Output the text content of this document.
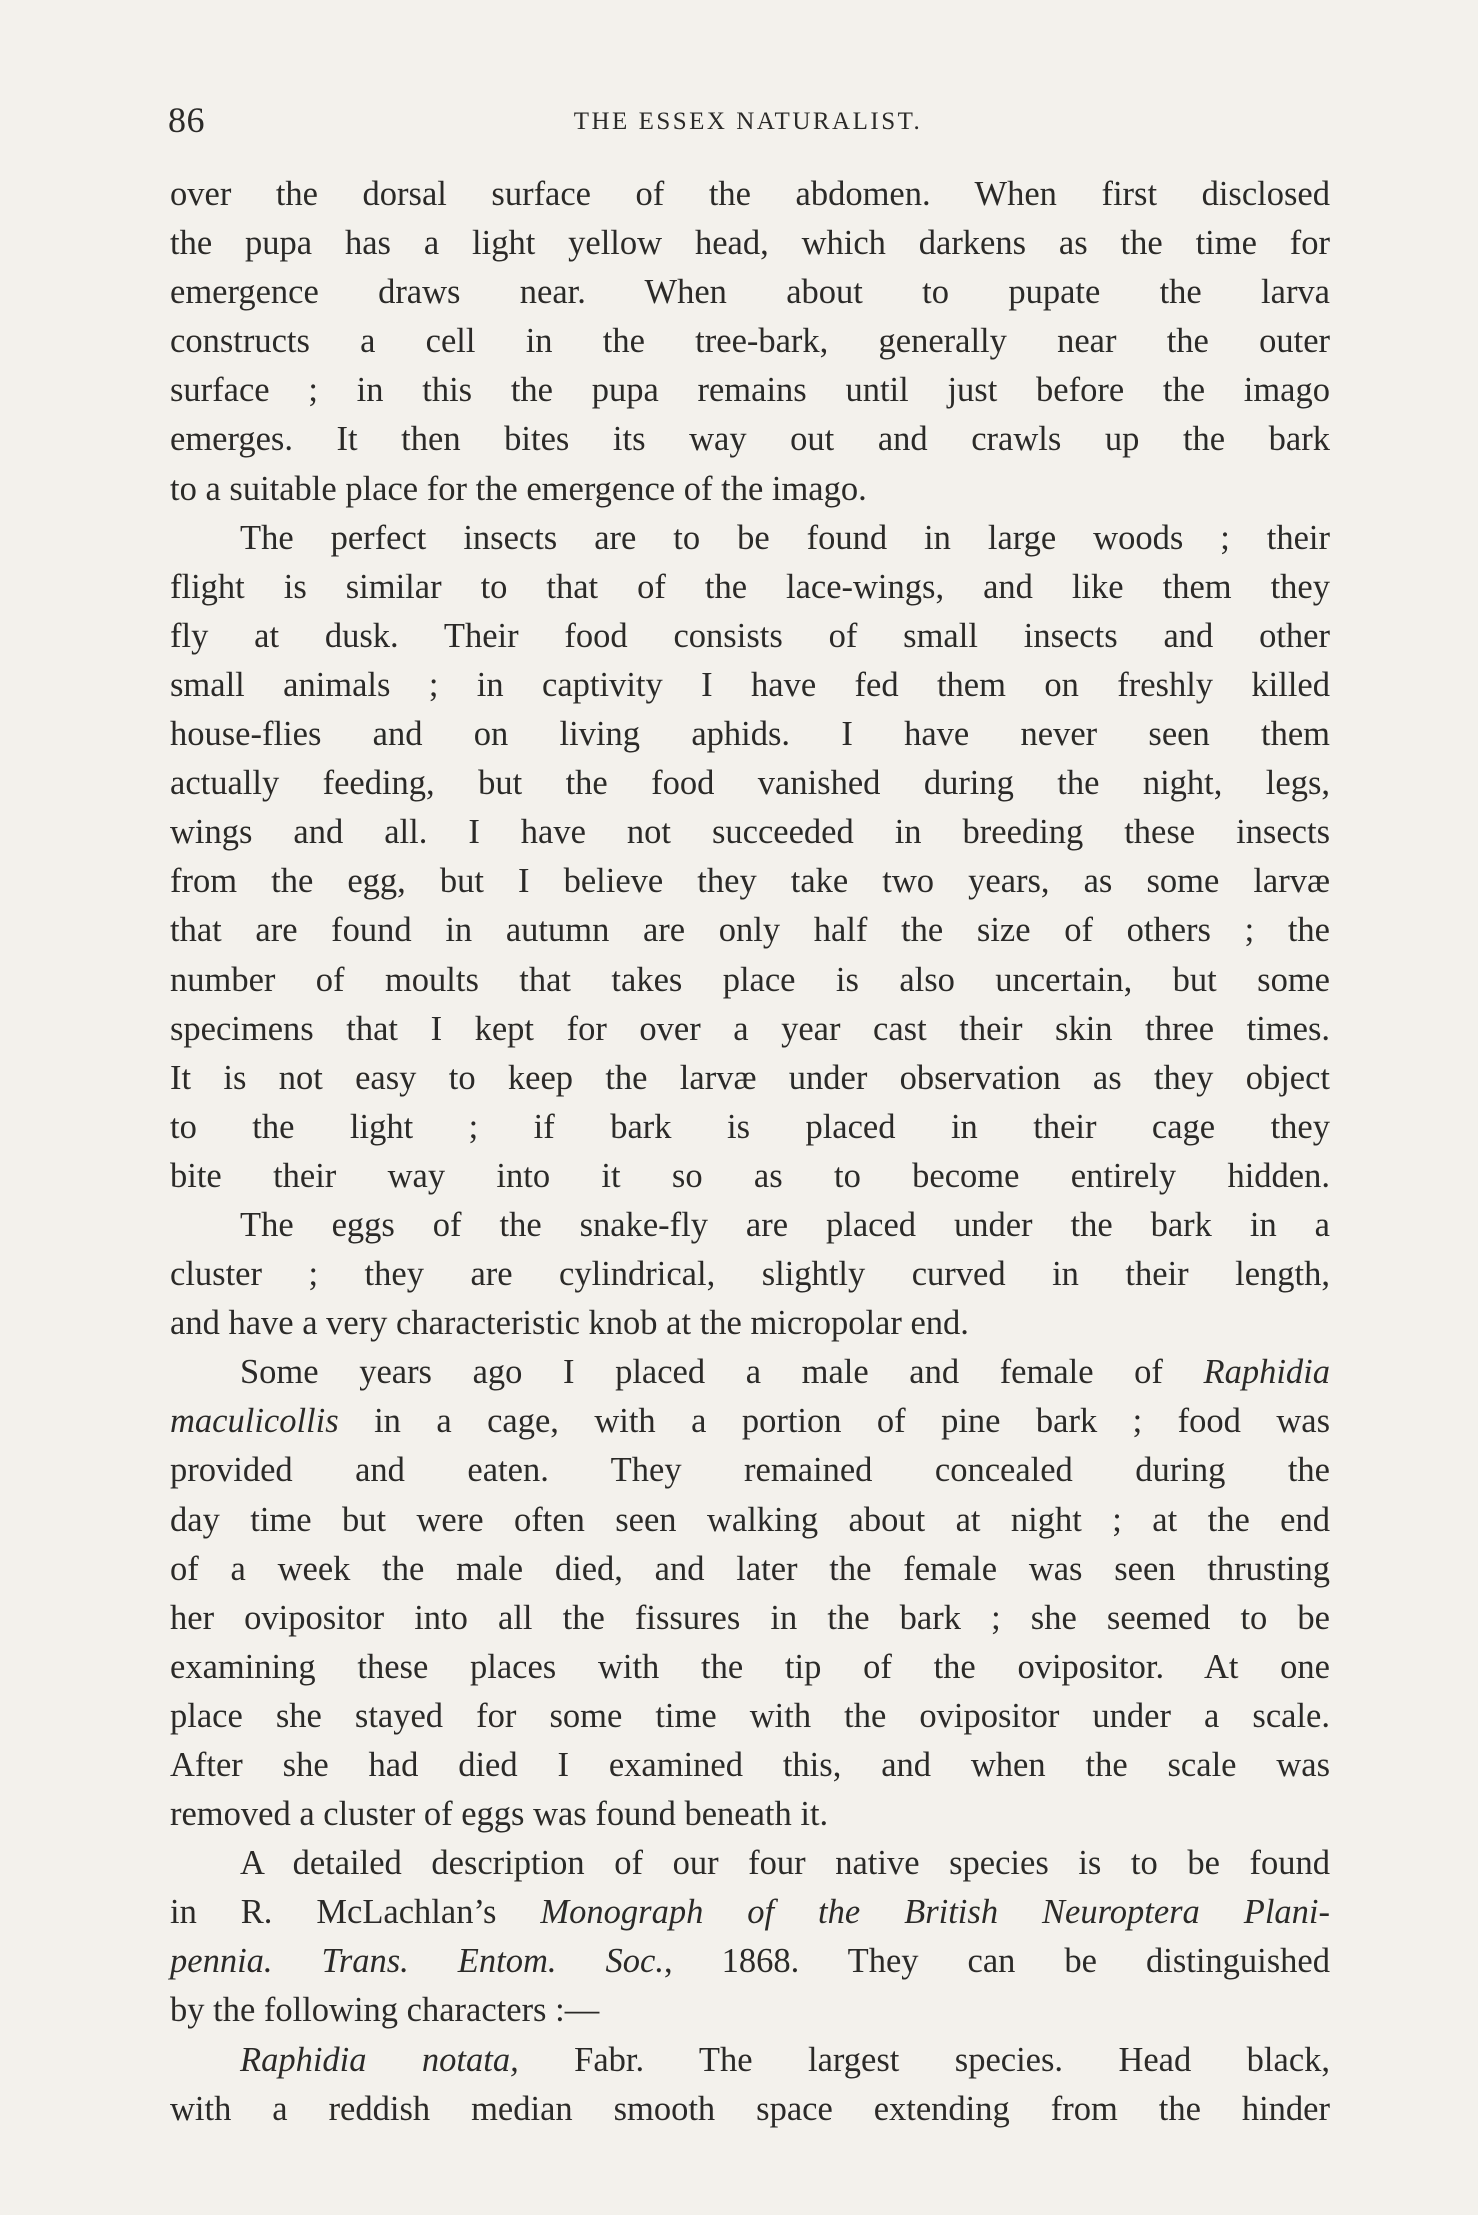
86	THE ESSEX NATURALIST.
over the dorsal surface of the abdomen. When first disclosed
the pupa has a light yellow head, which darkens as the time for
emergence draws near. When about to pupate the larva
constructs a cell in the tree-bark, generally near the outer
surface ; in this the pupa remains until just before the imago
emerges. It then bites its way out and crawls up the bark
to a suitable place for the emergence of the imago.
The perfect insects are to be found in large woods ; their
flight is similar to that of the lace-wings, and like them they
fly at dusk. Their food consists of small insects and other
small animals ; in captivity I have fed them on freshly killed
house-flies and on living aphids. I have never seen them
actually feeding, but the food vanished during the night, legs,
wings and all. I have not succeeded in breeding these insects
from the egg, but I believe they take two years, as some larvæ
that are found in autumn are only half the size of others ; the
number of moults that takes place is also uncertain, but some
specimens that I kept for over a year cast their skin three times.
It is not easy to keep the larvæ under observation as they object
to the light ; if bark is placed in their cage they
bite their way into it so as to become entirely hidden.
The eggs of the snake-fly are placed under the bark in a
cluster ; they are cylindrical, slightly curved in their length,
and have a very characteristic knob at the micropolar end.
Some years ago I placed a male and female of Raphidia
maculicollis in a cage, with a portion of pine bark ; food was
provided and eaten. They remained concealed during the
day time but were often seen walking about at night ; at the end
of a week the male died, and later the female was seen thrusting
her ovipositor into all the fissures in the bark ; she seemed to be
examining these places with the tip of the ovipositor. At one
place she stayed for some time with the ovipositor under a scale.
After she had died I examined this, and when the scale was
removed a cluster of eggs was found beneath it.
A detailed description of our four native species is to be found
in R. McLachlan’s Monograph of the British Neuroptera Plani-
pennia. Trans. Entom. Soc., 1868. They can be distinguished
by the following characters :—
Raphidia notata, Fabr. The largest species. Head black,
with a reddish median smooth space extending from the hinder
